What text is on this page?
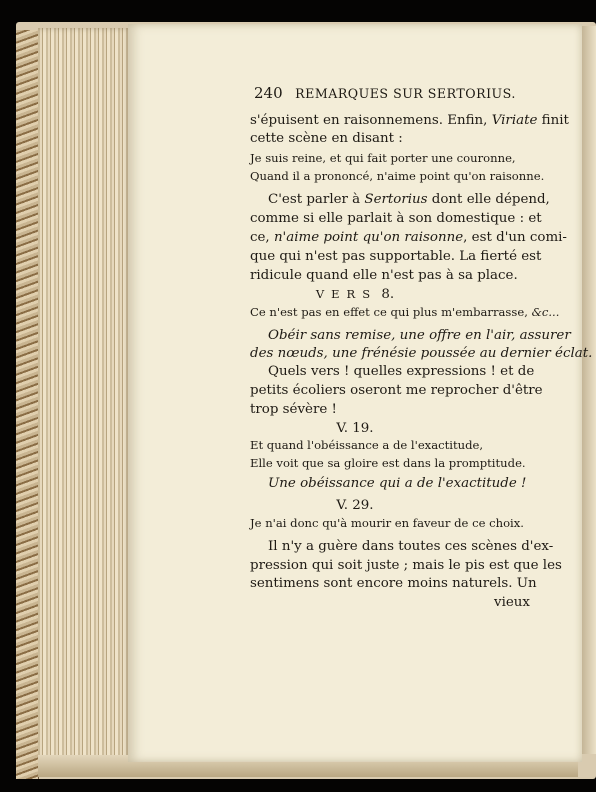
240 REMARQUES SUR SERTORIUS.
s'épuisent en raisonnemens. Enfin, Viriate finit
cette scène en disant :
Je suis reine, et qui fait porter une couronne,
Quand il a prononcé, n'aime point qu'on raisonne.
C'est parler à Sertorius dont elle dépend,
comme si elle parlait à son domestique : et
ce, n'aime point qu'on raisonne, est d'un comi-
que qui n'est pas supportable. La fierté est
ridicule quand elle n'est pas à sa place.
VERS 8.
Ce n'est pas en effet ce qui plus m'embarrasse, &c...
Obéir sans remise, une offre en l'air, assurer
des nœuds, une frénésie poussée au dernier éclat.
Quels vers ! quelles expressions ! et de
petits écoliers oseront me reprocher d'être
trop sévère !
V. 19.
Et quand l'obéissance a de l'exactitude,
Elle voit que sa gloire est dans la promptitude.
Une obéissance qui a de l'exactitude !
V. 29.
Je n'ai donc qu'à mourir en faveur de ce choix.
Il n'y a guère dans toutes ces scènes d'ex-
pression qui soit juste ; mais le pis est que les
sentimens sont encore moins naturels. Un
vieux
